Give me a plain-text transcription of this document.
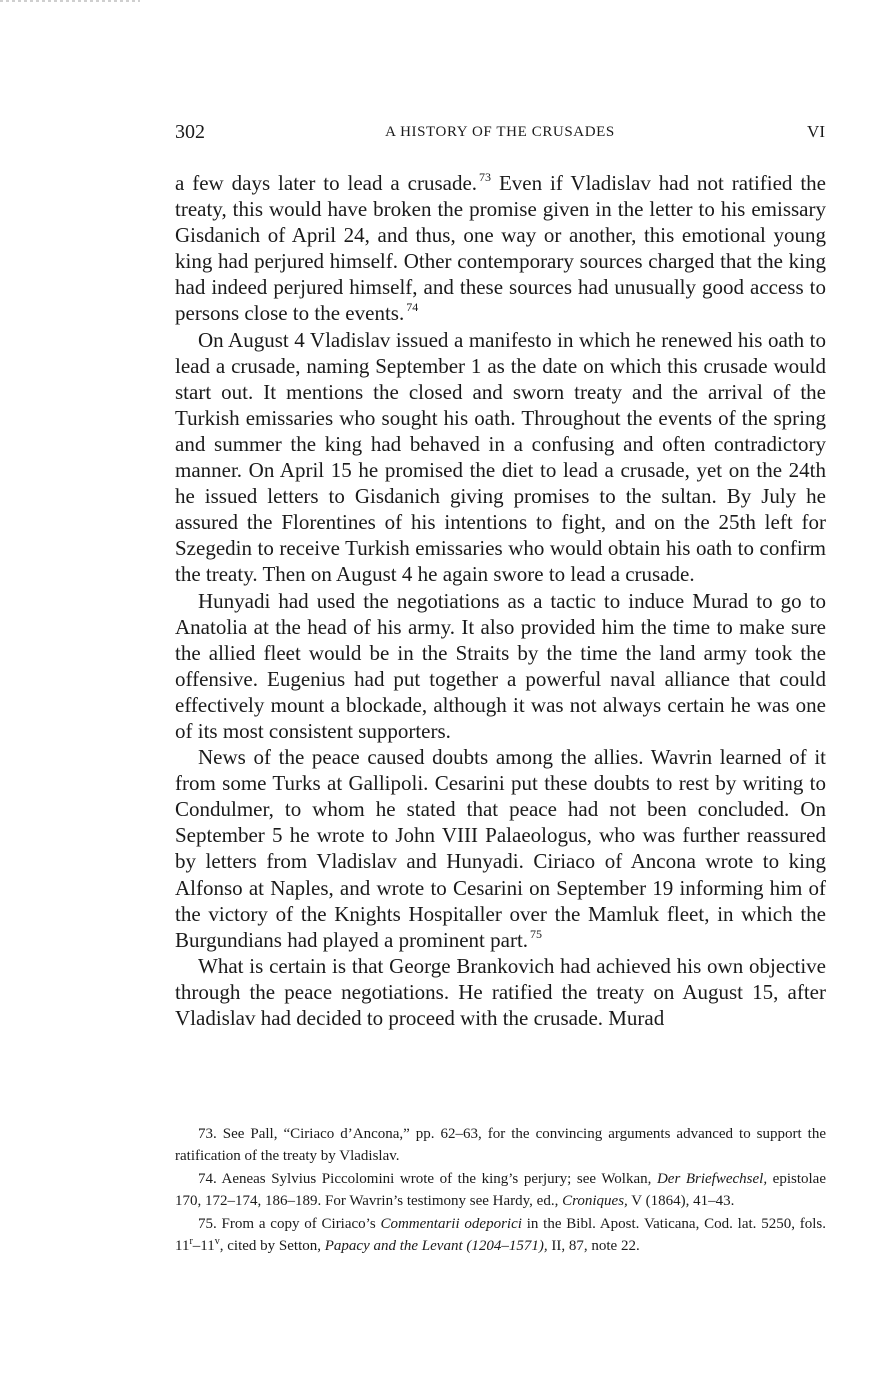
302	A HISTORY OF THE CRUSADES	VI

a few days later to lead a crusade. $^{73}$ Even if Vladislav had not ratified the treaty, this would have broken the promise given in the letter to his emissary Gisdanich of April 24, and thus, one way or another, this emotional young king had perjured himself. Other contemporary sources charged that the king had indeed perjured himself, and these sources had unusually good access to persons close to the events. $^{74}$

On August 4 Vladislav issued a manifesto in which he renewed his oath to lead a crusade, naming September 1 as the date on which this crusade would start out. It mentions the closed and sworn treaty and the arrival of the Turkish emissaries who sought his oath. Throughout the events of the spring and summer the king had behaved in a confusing and often contradictory manner. On April 15 he promised the diet to lead a crusade, yet on the 24th he issued letters to Gisdanich giving promises to the sultan. By July he assured the Florentines of his intentions to fight, and on the 25th left for Szegedin to receive Turkish emissaries who would obtain his oath to confirm the treaty. Then on August 4 he again swore to lead a crusade.

Hunyadi had used the negotiations as a tactic to induce Murad to go to Anatolia at the head of his army. It also provided him the time to make sure the allied fleet would be in the Straits by the time the land army took the offensive. Eugenius had put together a powerful naval alliance that could effectively mount a blockade, although it was not always certain he was one of its most consistent supporters.

News of the peace caused doubts among the allies. Wavrin learned of it from some Turks at Gallipoli. Cesarini put these doubts to rest by writing to Condulmer, to whom he stated that peace had not been concluded. On September 5 he wrote to John VIII Palaeologus, who was further reassured by letters from Vladislav and Hunyadi. Ciriaco of Ancona wrote to king Alfonso at Naples, and wrote to Cesarini on September 19 informing him of the victory of the Knights Hospitaller over the Mamluk fleet, in which the Burgundians had played a prominent part. $^{75}$

What is certain is that George Brankovich had achieved his own objective through the peace negotiations. He ratified the treaty on August 15, after Vladislav had decided to proceed with the crusade. Murad

73. See Pall, “Ciriaco d’Ancona,” pp. 62–63, for the convincing arguments advanced to support the ratification of the treaty by Vladislav.

74. Aeneas Sylvius Piccolomini wrote of the king’s perjury; see Wolkan, Der Briefwechsel, epistolae 170, 172–174, 186–189. For Wavrin’s testimony see Hardy, ed., Croniques, V (1864), 41–43.

75. From a copy of Ciriaco’s Commentarii odeporici in the Bibl. Apost. Vaticana, Cod. lat. 5250, fols. 11$^r$–11$^v$, cited by Setton, Papacy and the Levant (1204–1571), II, 87, note 22.
